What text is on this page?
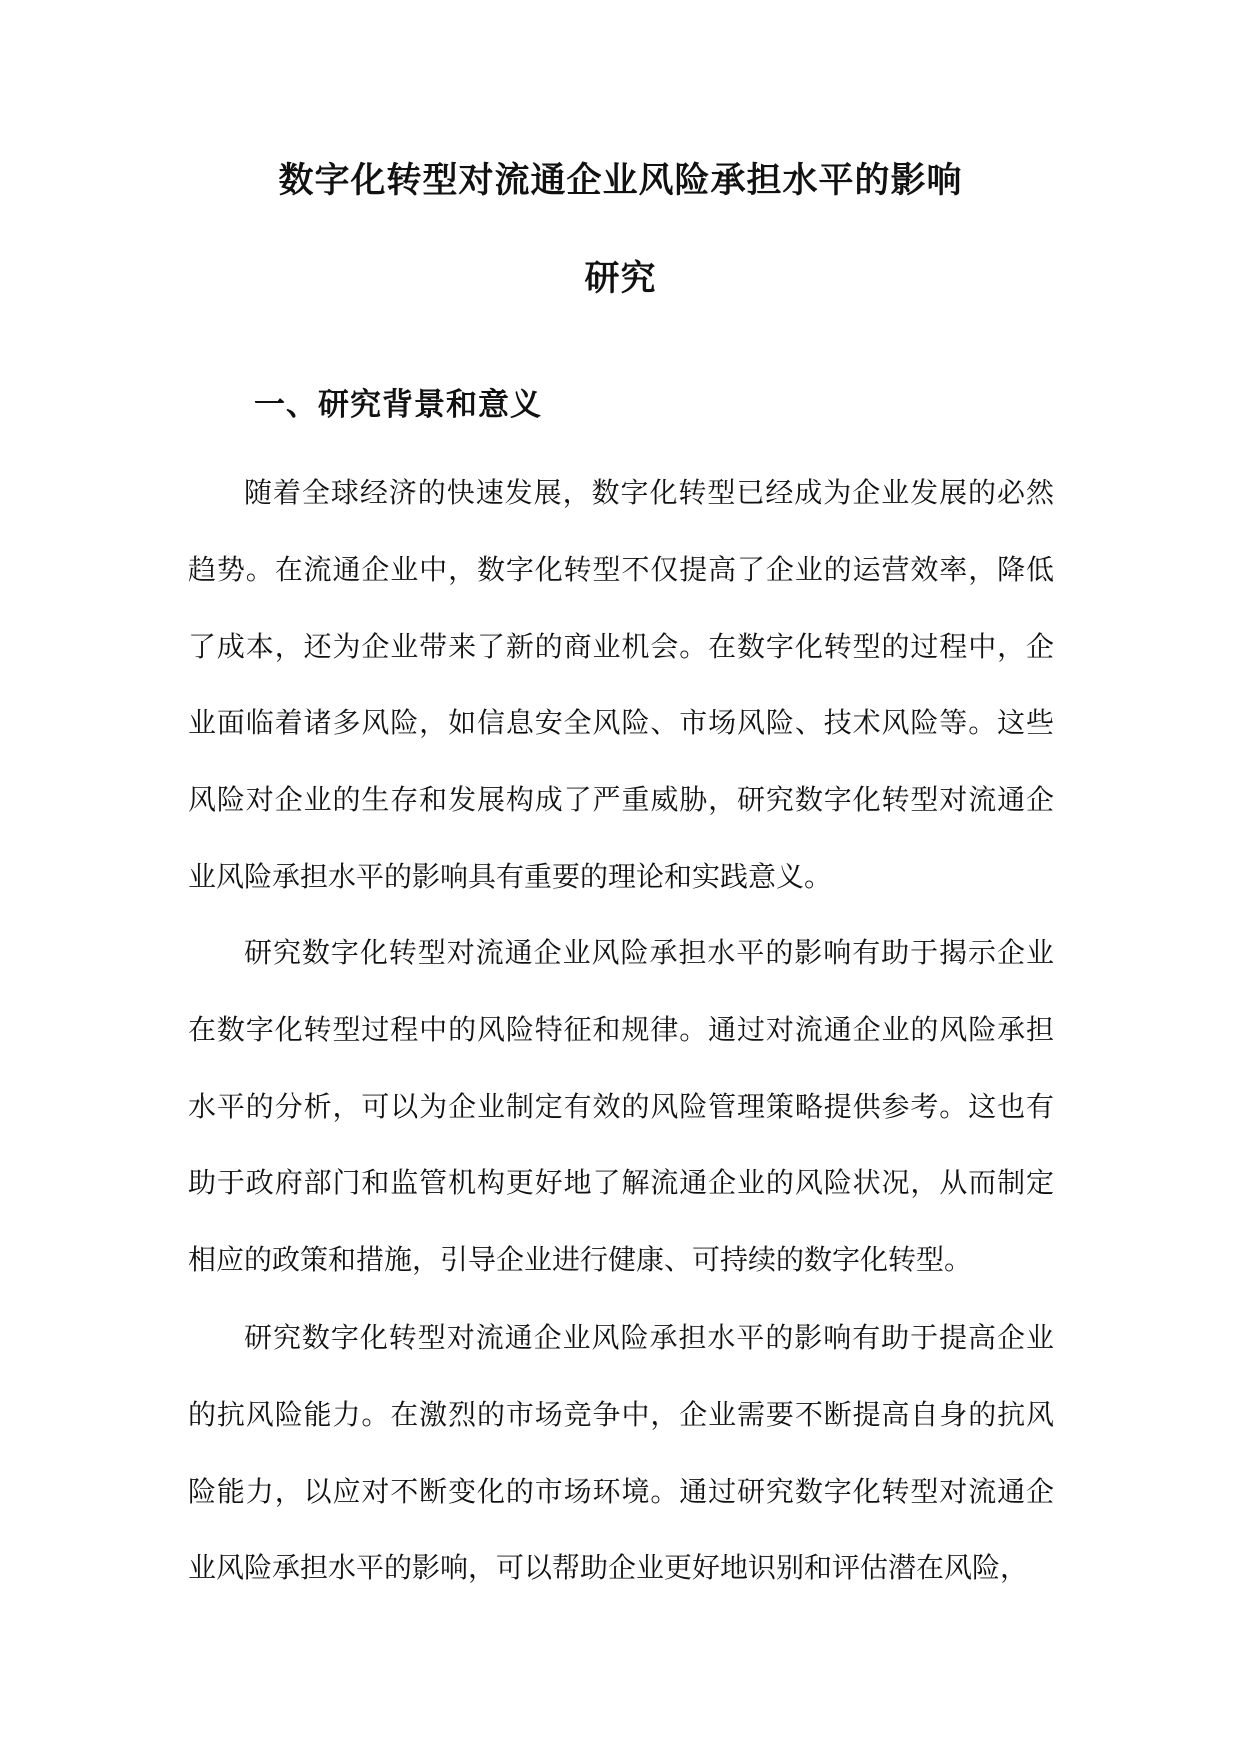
数字化转型对流通企业风险承担水平的影响
研究
一、研究背景和意义

随着全球经济的快速发展，数字化转型已经成为企业发展的必然趋势。在流通企业中，数字化转型不仅提高了企业的运营效率，降低了成本，还为企业带来了新的商业机会。在数字化转型的过程中，企业面临着诸多风险，如信息安全风险、市场风险、技术风险等。这些风险对企业的生存和发展构成了严重威胁，研究数字化转型对流通企业风险承担水平的影响具有重要的理论和实践意义。

研究数字化转型对流通企业风险承担水平的影响有助于揭示企业在数字化转型过程中的风险特征和规律。通过对流通企业的风险承担水平的分析，可以为企业制定有效的风险管理策略提供参考。这也有助于政府部门和监管机构更好地了解流通企业的风险状况，从而制定相应的政策和措施，引导企业进行健康、可持续的数字化转型。

研究数字化转型对流通企业风险承担水平的影响有助于提高企业的抗风险能力。在激烈的市场竞争中，企业需要不断提高自身的抗风险能力，以应对不断变化的市场环境。通过研究数字化转型对流通企业风险承担水平的影响，可以帮助企业更好地识别和评估潜在风险，
